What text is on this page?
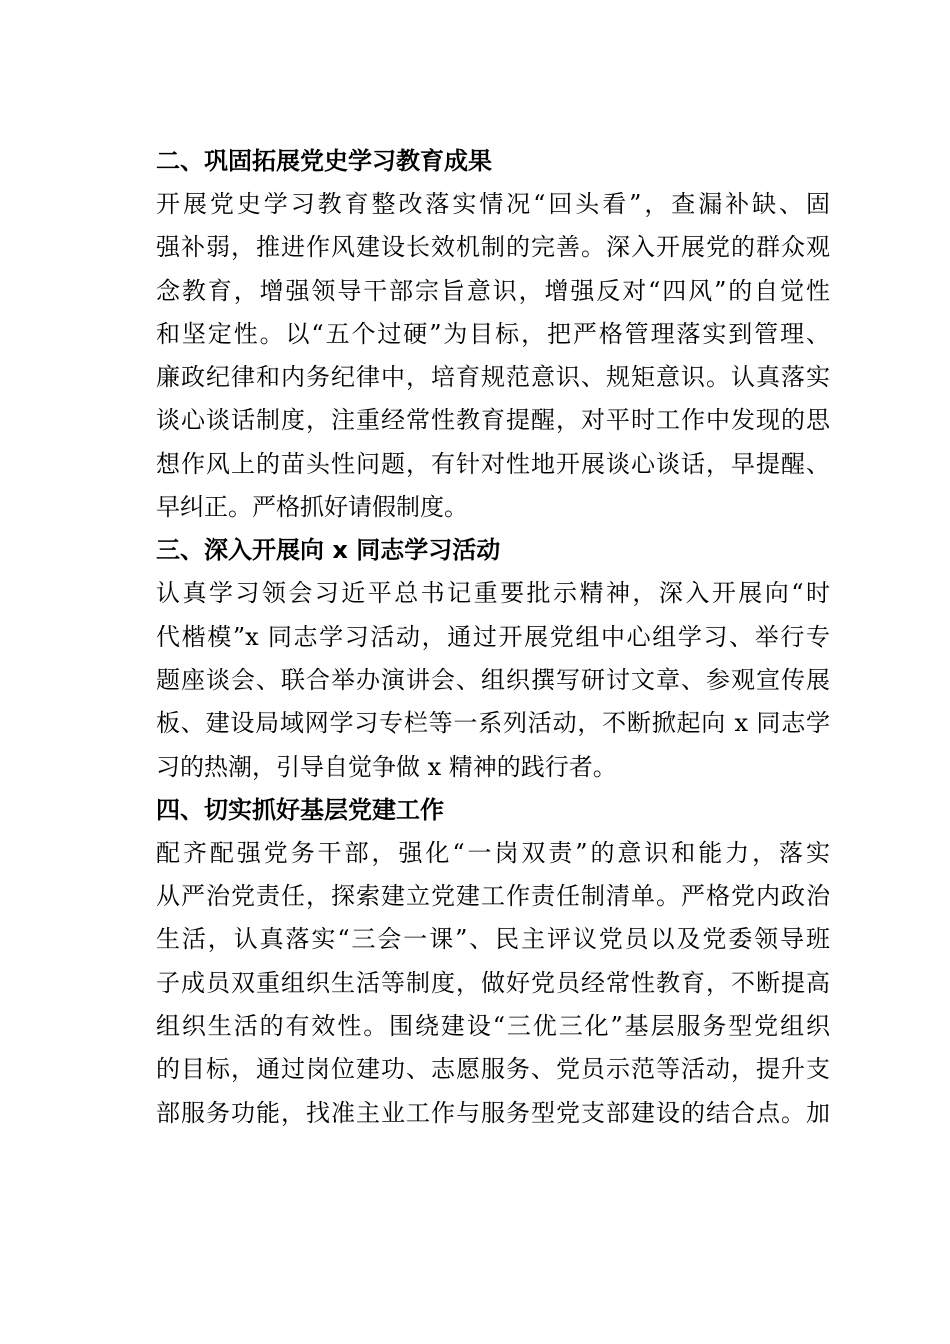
二、巩固拓展党史学习教育成果
开展党史学习教育整改落实情况“回头看”，查漏补缺、固
强补弱，推进作风建设长效机制的完善。深入开展党的群众观
念教育，增强领导干部宗旨意识，增强反对“四风”的自觉性
和坚定性。以“五个过硬”为目标，把严格管理落实到管理、
廉政纪律和内务纪律中，培育规范意识、规矩意识。认真落实
谈心谈话制度，注重经常性教育提醒，对平时工作中发现的思
想作风上的苗头性问题，有针对性地开展谈心谈话，早提醒、
早纠正。严格抓好请假制度。
三、深入开展向 x 同志学习活动
认真学习领会习近平总书记重要批示精神，深入开展向“时
代楷模”x 同志学习活动，通过开展党组中心组学习、举行专
题座谈会、联合举办演讲会、组织撰写研讨文章、参观宣传展
板、建设局域网学习专栏等一系列活动，不断掀起向 x 同志学
习的热潮，引导自觉争做 x 精神的践行者。
四、切实抓好基层党建工作
配齐配强党务干部，强化“一岗双责”的意识和能力，落实
从严治党责任，探索建立党建工作责任制清单。严格党内政治
生活，认真落实“三会一课”、民主评议党员以及党委领导班
子成员双重组织生活等制度，做好党员经常性教育，不断提高
组织生活的有效性。围绕建设“三优三化”基层服务型党组织
的目标，通过岗位建功、志愿服务、党员示范等活动，提升支
部服务功能，找准主业工作与服务型党支部建设的结合点。加
